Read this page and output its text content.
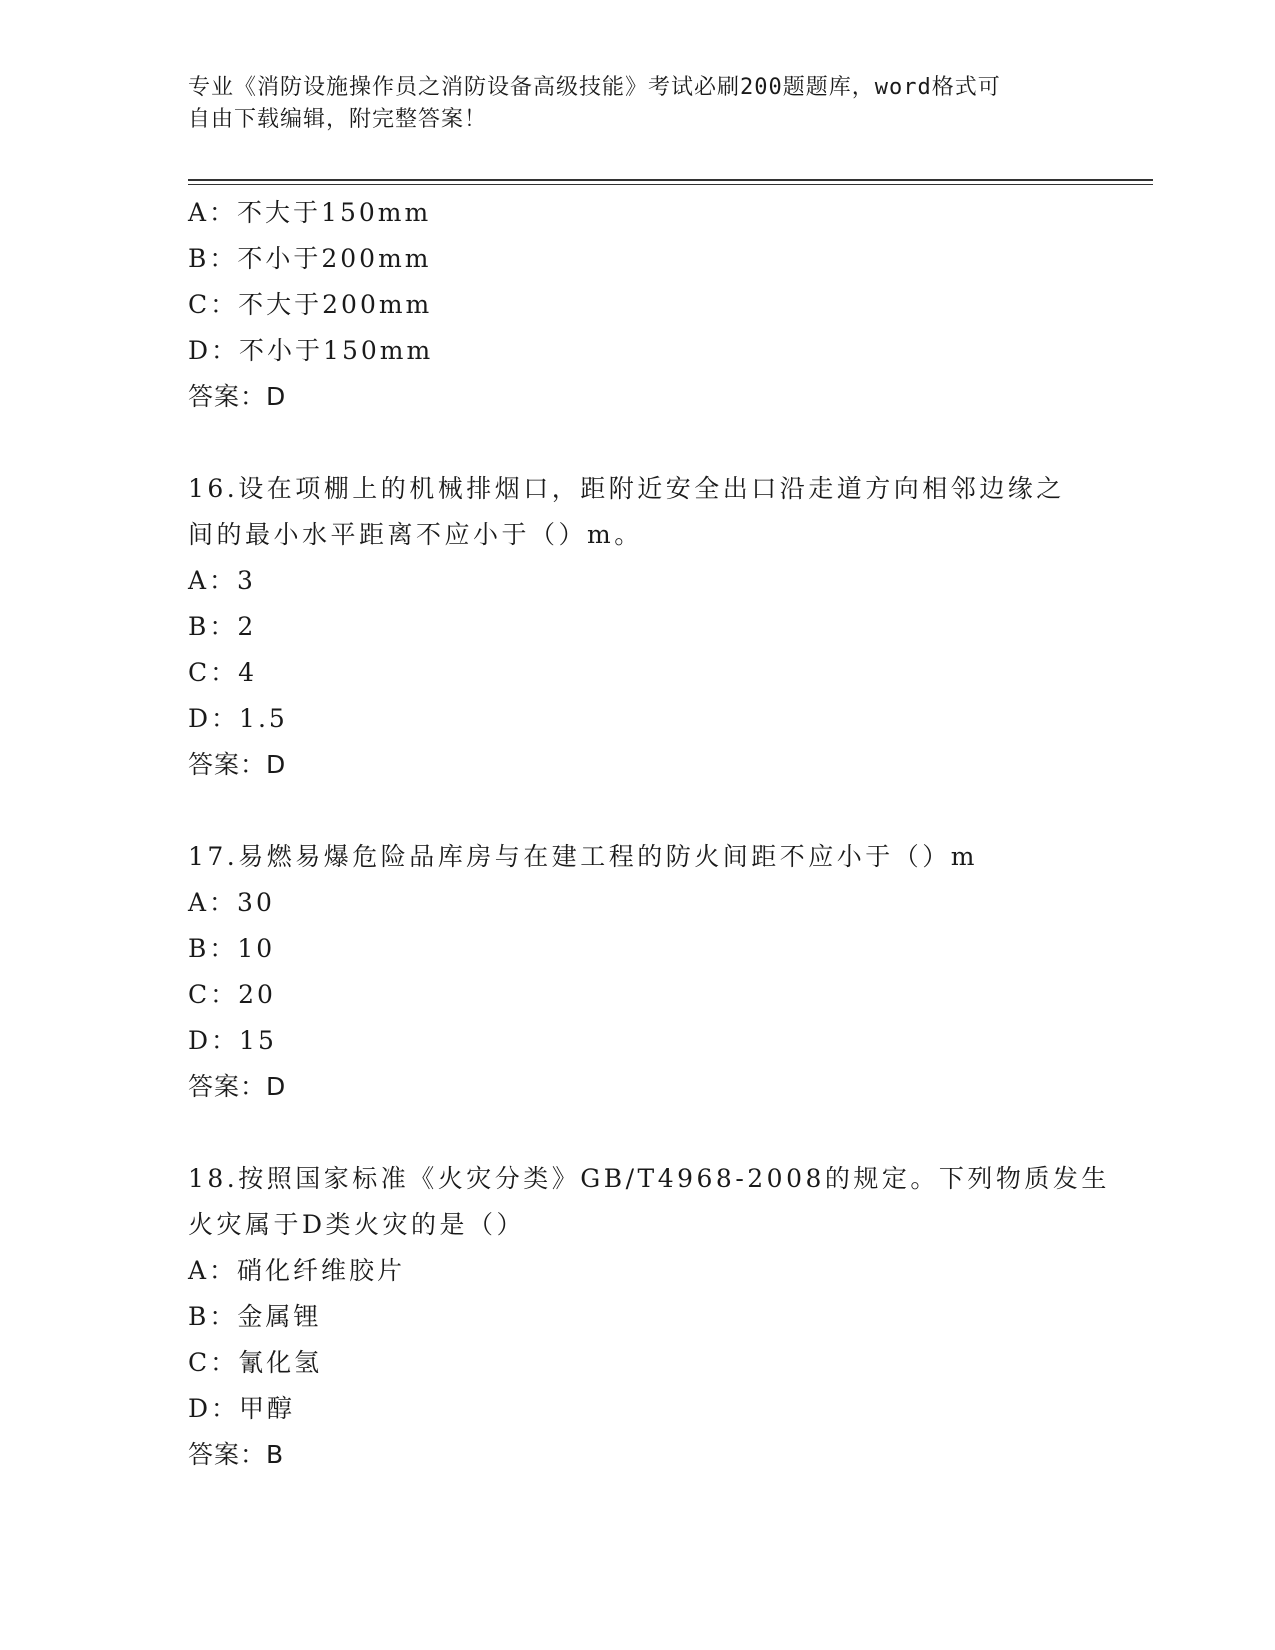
专业《消防设施操作员之消防设备高级技能》考试必刷200题题库，word格式可
自由下载编辑，附完整答案！
A：不大于150mm
B：不小于200mm
C：不大于200mm
D：不小于150mm
答案：D
16.设在项棚上的机械排烟口，距附近安全出口沿走道方向相邻边缘之
间的最小水平距离不应小于（）m。
A：3
B：2
C：4
D：1.5
答案：D
17.易燃易爆危险品库房与在建工程的防火间距不应小于（）m
A：30
B：10
C：20
D：15
答案：D
18.按照国家标准《火灾分类》GB/T4968-2008的规定。下列物质发生
火灾属于D类火灾的是（）
A：硝化纤维胶片
B：金属锂
C：氰化氢
D：甲醇
答案：B
